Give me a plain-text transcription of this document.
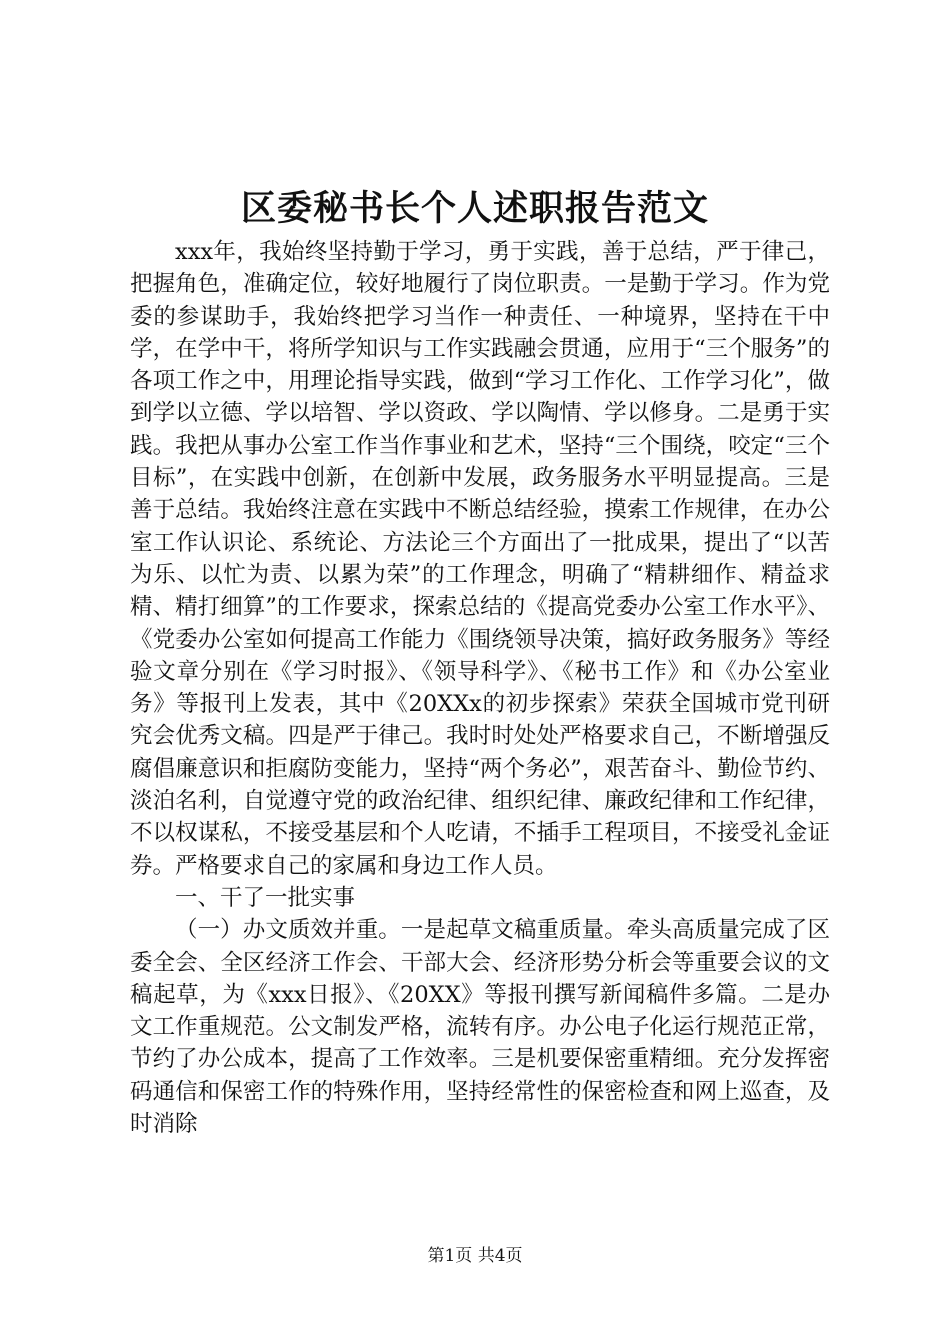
区委秘书长个人述职报告范文

xxx年，我始终坚持勤于学习，勇于实践，善于总结，严于律己，把握角色，准确定位，较好地履行了岗位职责。一是勤于学习。作为党委的参谋助手，我始终把学习当作一种责任、一种境界，坚持在干中学，在学中干，将所学知识与工作实践融会贯通，应用于“三个服务”的各项工作之中，用理论指导实践，做到“学习工作化、工作学习化”，做到学以立德、学以培智、学以资政、学以陶情、学以修身。二是勇于实践。我把从事办公室工作当作事业和艺术，坚持“三个围绕，咬定“三个目标”，在实践中创新，在创新中发展，政务服务水平明显提高。三是善于总结。我始终注意在实践中不断总结经验，摸索工作规律，在办公室工作认识论、系统论、方法论三个方面出了一批成果，提出了“以苦为乐、以忙为责、以累为荣”的工作理念，明确了“精耕细作、精益求精、精打细算”的工作要求，探索总结的《提高党委办公室工作水平》、《党委办公室如何提高工作能力《围绕领导决策，搞好政务服务》等经验文章分别在《学习时报》、《领导科学》、《秘书工作》和《办公室业务》等报刊上发表，其中《20XXx的初步探索》荣获全国城市党刊研究会优秀文稿。四是严于律己。我时时处处严格要求自己，不断增强反腐倡廉意识和拒腐防变能力，坚持“两个务必”，艰苦奋斗、勤俭节约、淡泊名利，自觉遵守党的政治纪律、组织纪律、廉政纪律和工作纪律，不以权谋私，不接受基层和个人吃请，不插手工程项目，不接受礼金证券。严格要求自己的家属和身边工作人员。

一、干了一批实事

（一）办文质效并重。一是起草文稿重质量。牵头高质量完成了区委全会、全区经济工作会、干部大会、经济形势分析会等重要会议的文稿起草，为《xxx日报》、《20XX》等报刊撰写新闻稿件多篇。二是办文工作重规范。公文制发严格，流转有序。办公电子化运行规范正常，节约了办公成本，提高了工作效率。三是机要保密重精细。充分发挥密码通信和保密工作的特殊作用，坚持经常性的保密检查和网上巡查，及时消除

第1页 共4页
